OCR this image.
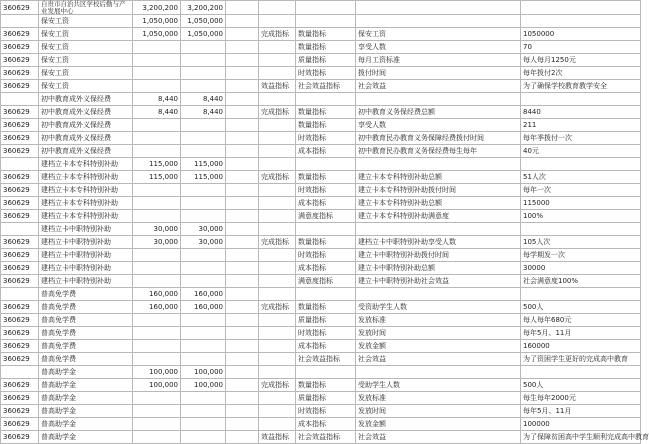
360629	自贵市自治共区学校后勤与产业发展中心	3,200,200	3,200,200					
	保安工资	1,050,000	1,050,000					
360629	保安工资	1,050,000	1,050,000		完成指标	数量指标	保安工资	1050000
360629	保安工资					数量指标	享受人数	70
360629	保安工资					质量指标	每月工资标准	每人每月1250元
360629	保安工资					时效指标	拨付时间	每年拨付2次
360629	保安工资				效益指标	社会效益指标	社会效益	为了确保学校教育教学安全
	初中教育成外义保经费	8,440	8,440					
360629	初中教育成外义保经费	8,440	8,440		完成指标	数量指标	初中教育义务保经费总额	8440
360629	初中教育成外义保经费					数量指标	享受人数	211
360629	初中教育成外义保经费					时效指标	初中教育民办教育义务保障经费拨付时间	每年季拨付一次
360629	初中教育成外义保经费					成本指标	初中教育民办教育义务保经费每生每年	40元
	建档立卡本专科特别补助	115,000	115,000					
360629	建档立卡本专科特别补助	115,000	115,000		完成指标	数量指标	建立卡本专科特别补助总额	51人次
360629	建档立卡本专科特别补助					时效指标	建立卡本专科特别补助拨付时间	每年一次
360629	建档立卡本专科特别补助					成本指标	建立卡本专科特别补助总额	115000
360629	建档立卡本专科特别补助					满意度指标	建立卡本专科特别补助满意度	100%
	建档立卡中职特别补助	30,000	30,000					
360629	建档立卡中职特别补助	30,000	30,000		完成指标	数量指标	建档立卡中职特别补助享受人数	105人次
360629	建档立卡中职特别补助					时效指标	建立卡中职特别补助拨付时间	每学期发一次
360629	建档立卡中职特别补助					成本指标	建立卡中职特别补助总额	30000
360629	建档立卡中职特别补助					满意度指标	建立卡中职特别补助社会效益	社会满意度100%
	普高免学费	160,000	160,000					
360629	普高免学费	160,000	160,000		完成指标	数量指标	受资助学生人数	500人
360629	普高免学费					质量指标	发放标准	每人每年680元
360629	普高免学费					时效指标	发放时间	每年5月、11月
360629	普高免学费					成本指标	发放金额	160000
360629	普高免学费					社会效益指标	社会效益	为了资困学生更好的完成高中教育
	普高助学金	100,000	100,000					
360629	普高助学金	100,000	100,000		完成指标	数量指标	受助学生人数	500人
360629	普高助学金					质量指标	发放标准	每生每年2000元
360629	普高助学金					时效指标	发放时间	每年5月、11月
360629	普高助学金					成本指标	发放金额	100000
360629	普高助学金				效益指标	社会效益指标	社会效益	为了保障贫困高中学生顺利完成高中教育
